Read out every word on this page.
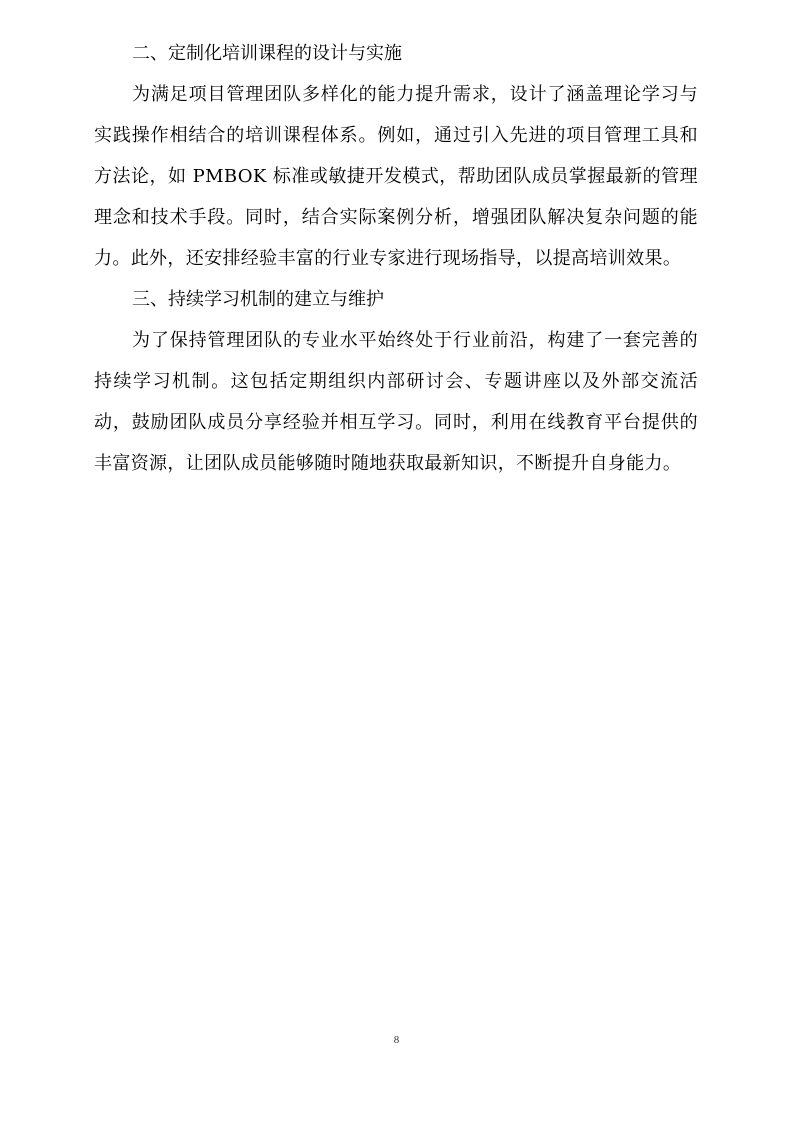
二、定制化培训课程的设计与实施

为满足项目管理团队多样化的能力提升需求，设计了涵盖理论学习与实践操作相结合的培训课程体系。例如，通过引入先进的项目管理工具和方法论，如 PMBOK 标准或敏捷开发模式，帮助团队成员掌握最新的管理理念和技术手段。同时，结合实际案例分析，增强团队解决复杂问题的能力。此外，还安排经验丰富的行业专家进行现场指导，以提高培训效果。

三、持续学习机制的建立与维护

为了保持管理团队的专业水平始终处于行业前沿，构建了一套完善的持续学习机制。这包括定期组织内部研讨会、专题讲座以及外部交流活动，鼓励团队成员分享经验并相互学习。同时，利用在线教育平台提供的丰富资源，让团队成员能够随时随地获取最新知识，不断提升自身能力。

8
